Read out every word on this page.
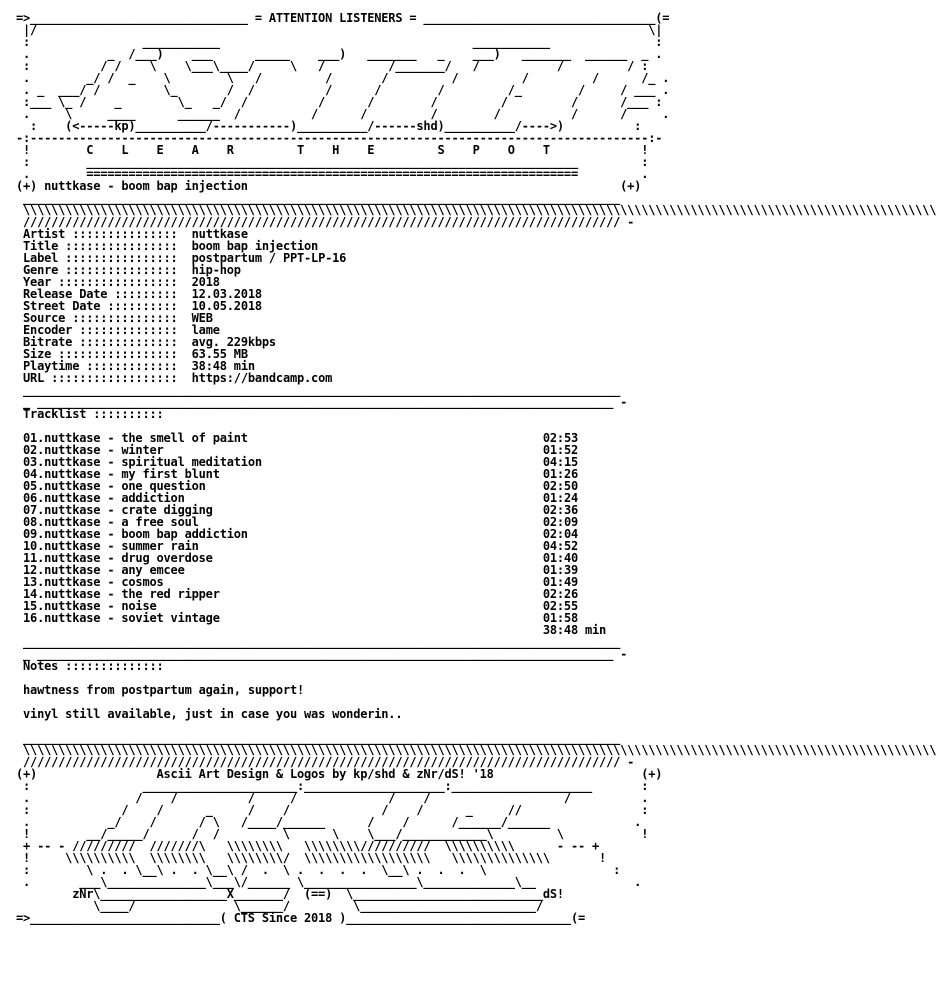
=>_______________________________ = ATTENTION LISTENERS = _________________________________(=
|/                                                                                       \|
:                ___________                                    ___________               :
.           _  /___)    ___      _____    ___)   _______   _    ___)   _______  ______  _ .
:          / /    \    \___\____/     \   /         /_______/   /           /         / :
.        _/ /  _    \        \   /         /       /         /         /         /      /_ .
. _  ___/ /         \_       /  /          /      /        /         /_        /     / ___ .
:___ \_ /    _        \_   _/  /          /      /        /         /         /      /___ :
.     \     ____      ______  /          /      /         /        /          /      /     .
:    (<-----kp)__________/-----------)__________/------shd)__________/---->)          :
-:----------------------------------------------------------------------------------------:-
!        C    L    E    A    R         T    H    E         S    P    O    T             !
:        ______________________________________________________________________         :
.        ======================================================================         .
(+) nuttkase - boom bap injection                                                     (+)
_____________________________________________________________________________________
\\\\\\\\\\\\\\\\\\\\\\\\\\\\\\\\\\\\\\\\\\\\\\\\\\\\\\\\\\\\\\\\\\\\\\\\\\\\\\\\\\\\\\\\\\\\\\\\\\\\\\\\\\\\\\\\\\\\\\\\\\\\\\\\\\
///////////////////////////////////////////////////////////////////////////////////// -
Artist :::::::::::::::  nuttkase
Title ::::::::::::::::  boom bap injection
Label ::::::::::::::::  postpartum / PPT-LP-16
Genre ::::::::::::::::  hip-hop
Year :::::::::::::::::  2018
Release Date :::::::::  12.03.2018
Street Date ::::::::::  10.05.2018
Source :::::::::::::::  WEB
Encoder ::::::::::::::  lame
Bitrate ::::::::::::::  avg. 229kbps
Size :::::::::::::::::  63.55 MB
Playtime :::::::::::::  38:48 min
URL ::::::::::::::::::  https://bandcamp.com
_____________________________________________________________________________________
_ __________________________________________________________________________________ -
Tracklist ::::::::::

01.nuttkase - the smell of paint	02:53
02.nuttkase - winter	01:52
03.nuttkase - spiritual meditation	04:15
04.nuttkase - my first blunt	01:26
05.nuttkase - one question	02:50
06.nuttkase - addiction	01:24
07.nuttkase - crate digging	02:36
08.nuttkase - a free soul	02:09
09.nuttkase - boom bap addiction	02:04
10.nuttkase - summer rain	04:52
11.nuttkase - drug overdose	01:40
12.nuttkase - any emcee	01:39
13.nuttkase - cosmos	01:49
14.nuttkase - the red ripper	02:26
15.nuttkase - noise	02:55
16.nuttkase - soviet vintage	01:58
38:48 min
_____________________________________________________________________________________
_ __________________________________________________________________________________ -
Notes ::::::::::::::

hawtness from postpartum again, support!

vinyl still available, just in case you was wonderin..

_____________________________________________________________________________________
\\\\\\\\\\\\\\\\\\\\\\\\\\\\\\\\\\\\\\\\\\\\\\\\\\\\\\\\\\\\\\\\\\\\\\\\\\\\\\\\\\\\\\\\\\\\\\\\\\\\\\\\\\\\\\\\\\\\\\\\\\\\\\\\\\
///////////////////////////////////////////////////////////////////////////////////// -
(+)                 Ascii Art Design & Logos by kp/shd & zNr/dS! '18                     (+)
:                ______________________:____________________:____________________       :
.               /    /          /     /             /    /                   /          .
:             /    /      _     /    /             /    /      _     //                 :
.           _/    /      / \   /____/______      /    /      /______/______            .
!        __/_____/      /  /         \      \    \___/____________\         \           !
+ -- - /////////  ///////\   \\\\\\\\   \\\\\\\\//////////  \\\\\\\\\\      - -- +
!     \\\\\\\\\\  \\\\\\\\   \\\\\\\\/  \\\\\\\\\\\\\\\\\\   \\\\\\\\\\\\\\       !
:        \ .  . \__\ .  . \__\ /  .  \ .  .  .  .  \__\ .  .  .  \                  :
.       ___\______________\___\/______ \________________\_____________\__              .
zNr\__________________X_______/  (==)  \___________________________dS!
\____/              \______/         \_________________________/
=>___________________________( CTS Since 2018 )________________________________(=
